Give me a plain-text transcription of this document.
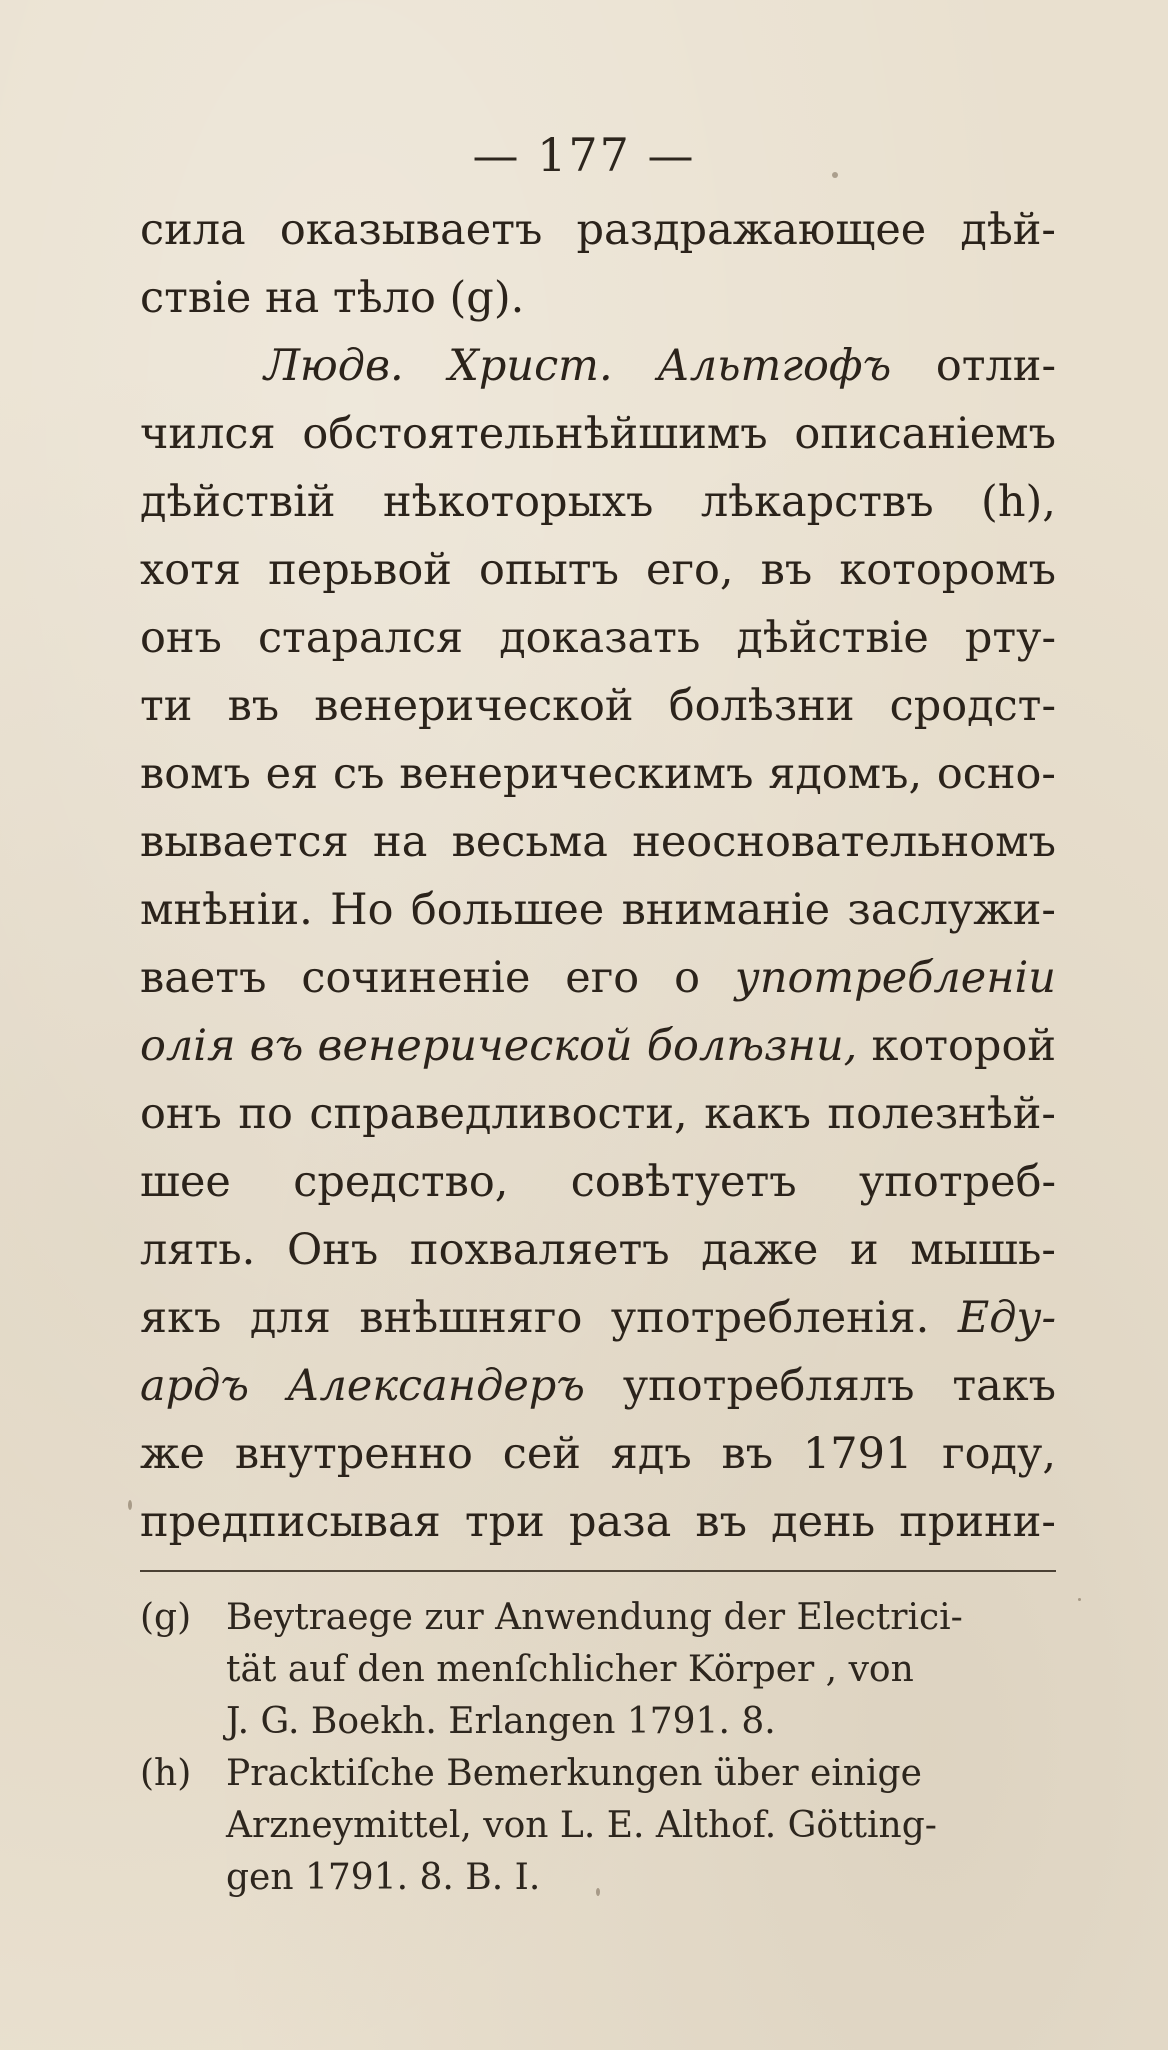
— 177 —
сила оказываетъ раздражающее дѣй-
ствіе
на
тѣло
(g).
Людв. Христ. Альтгофъ отли-
чился обстоятельнѣйшимъ описаніемъ
дѣйствій нѣкоторыхъ лѣкарствъ (h),
хотя перьвой опытъ его, въ которомъ
онъ старался доказать дѣйствіе рту-
ти въ венерической болѣзни сродст-
вомъ ея съ венерическимъ ядомъ, осно-
вывается на весьма неосновательномъ
мнѣніи. Но большее вниманіе заслужи-
ваетъ сочиненіе его о употребленіи
олія въ венерической болѣзни, которой
онъ по справедливости, какъ полезнѣй-
шее средство, совѣтуетъ употреб-
лять. Онъ похваляетъ даже и мышь-
якъ для внѣшняго употребленія. Еду-
ардъ Александеръ употреблялъ такъ
же внутренно сей ядъ въ 1791 году,
предписывая три раза въ день прини-
(g) Beytraege zur Anwendung der Electrici-
tät auf den menſchlicher Körper , von
J. G. Boekh. Erlangen 1791. 8.
(h) Pracktiſche Bemerkungen über einige
Arzneymittel, von L. E. Althof. Götting-
gen 1791. 8. B. I.
